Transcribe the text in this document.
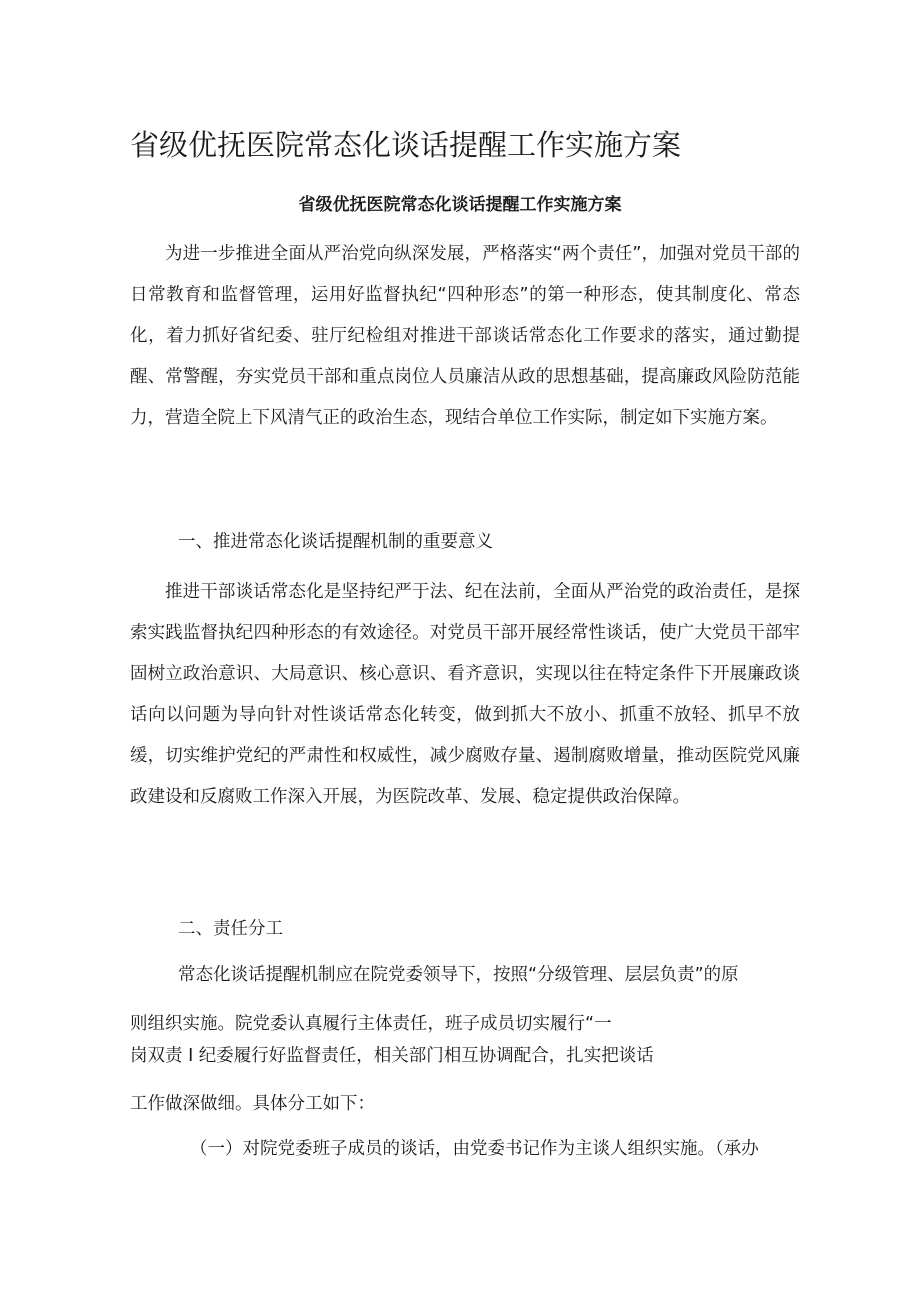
省级优抚医院常态化谈话提醒工作实施方案
省级优抚医院常态化谈话提醒工作实施方案

为进一步推进全面从严治党向纵深发展，严格落实“两个责任”，加强对党员干部的日常教育和监督管理，运用好监督执纪“四种形态”的第一种形态，使其制度化、常态化，着力抓好省纪委、驻厅纪检组对推进干部谈话常态化工作要求的落实，通过勤提醒、常警醒，夯实党员干部和重点岗位人员廉洁从政的思想基础，提高廉政风险防范能力，营造全院上下风清气正的政治生态，现结合单位工作实际，制定如下实施方案。

一、推进常态化谈话提醒机制的重要意义

推进干部谈话常态化是坚持纪严于法、纪在法前，全面从严治党的政治责任，是探索实践监督执纪四种形态的有效途径。对党员干部开展经常性谈话，使广大党员干部牢固树立政治意识、大局意识、核心意识、看齐意识，实现以往在特定条件下开展廉政谈话向以问题为导向针对性谈话常态化转变，做到抓大不放小、抓重不放轻、抓早不放缓，切实维护党纪的严肃性和权威性，减少腐败存量、遏制腐败增量，推动医院党风廉政建设和反腐败工作深入开展，为医院改革、发展、稳定提供政治保障。

二、责任分工
常态化谈话提醒机制应在院党委领导下，按照“分级管理、层层负责”的原
则组织实施。院党委认真履行主体责任，班子成员切实履行“一
岗双责 I 纪委履行好监督责任，相关部门相互协调配合，扎实把谈话
工作做深做细。具体分工如下：
（一）对院党委班子成员的谈话，由党委书记作为主谈人组织实施。（承办
